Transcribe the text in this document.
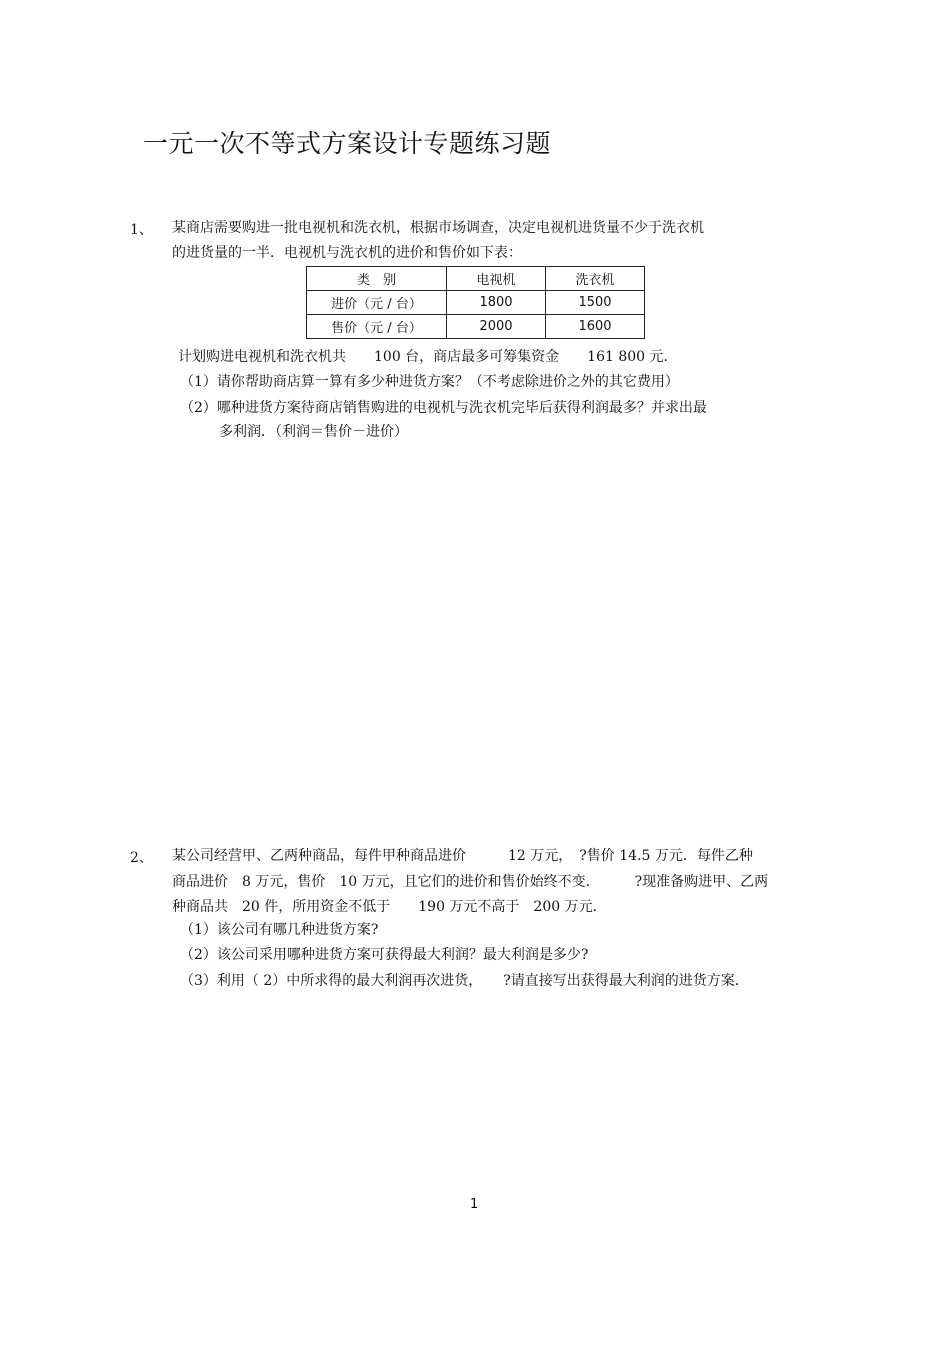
一元一次不等式方案设计专题练习题
1、 某商店需要购进一批电视机和洗衣机，根据市场调查，决定电视机进货量不少于洗衣机
的进货量的一半．电视机与洗衣机的进价和售价如下表：
类　别	电视机	洗衣机
进价（元 / 台）	1800	1500
售价（元 / 台）	2000	1600
计划购进电视机和洗衣机共　　100 台，商店最多可筹集资金　　161 800 元．
（1）请你帮助商店算一算有多少种进货方案？（不考虑除进价之外的其它费用）
（2）哪种进货方案待商店销售购进的电视机与洗衣机完毕后获得利润最多？并求出最
多利润．（利润＝售价－进价）
2、 某公司经营甲、乙两种商品，每件甲种商品进价　　　12 万元，　?售价 14.5 万元．每件乙种
商品进价　8 万元，售价　10 万元，且它们的进价和售价始终不变．　　　?现准备购进甲、乙两
种商品共　20 件，所用资金不低于　　190 万元不高于　200 万元．
（1）该公司有哪几种进货方案?
（2）该公司采用哪种进货方案可获得最大利润？最大利润是多少?
（3）利用（ 2）中所求得的最大利润再次进货，　　?请直接写出获得最大利润的进货方案．
1
